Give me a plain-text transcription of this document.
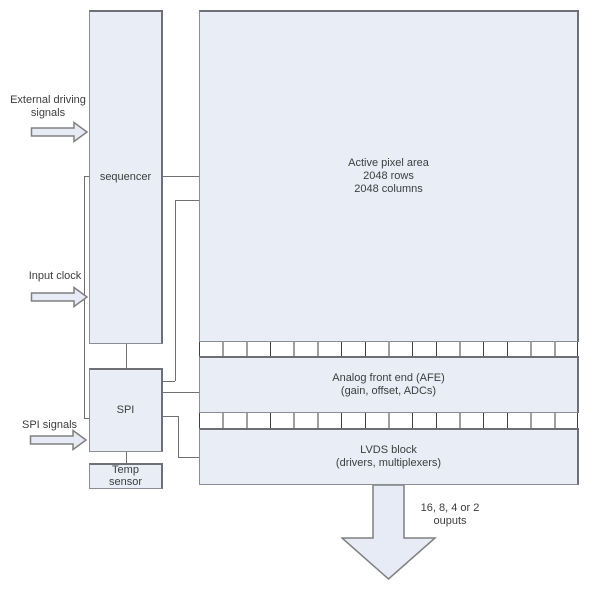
sequencer
Active pixel area
2048 rows
2048 columns
Analog front end (AFE)
(gain, offset, ADCs)
LVDS block
(drivers, multiplexers)
SPI
Temp
sensor
External driving
signals
Input clock
SPI signals
16, 8, 4 or 2
ouputs
